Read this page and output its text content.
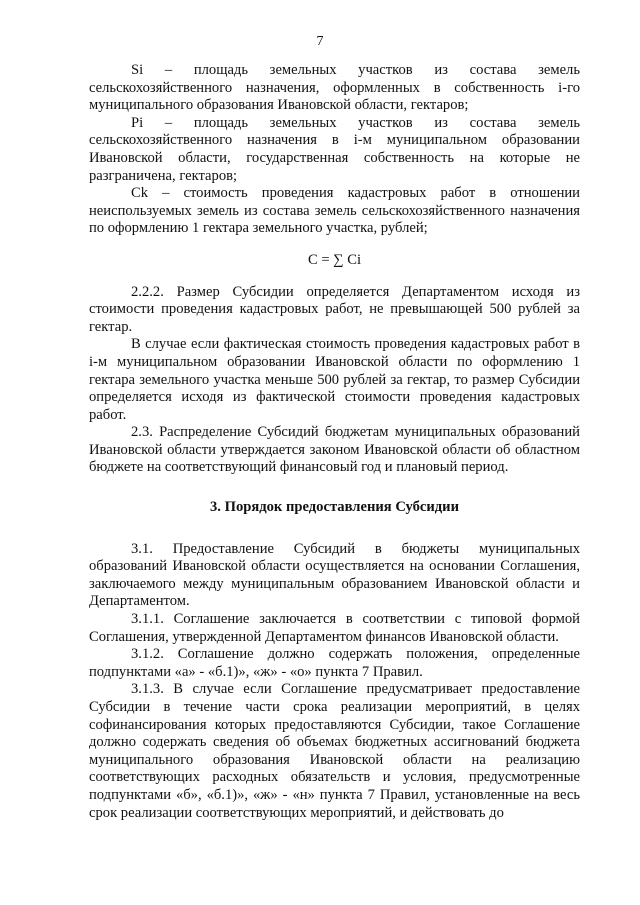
7

Si – площадь земельных участков из состава земель сельскохозяйственного назначения, оформленных в собственность i-го муниципального образования Ивановской области, гектаров;

Pi – площадь земельных участков из состава земель сельскохозяйственного назначения в i-м муниципальном образовании Ивановской области, государственная собственность на которые не разграничена, гектаров;

Ck – стоимость проведения кадастровых работ в отношении неиспользуемых земель из состава земель сельскохозяйственного назначения по оформлению 1 гектара земельного участка, рублей;

C = ∑ Ci

2.2.2. Размер Субсидии определяется Департаментом исходя из стоимости проведения кадастровых работ, не превышающей 500 рублей за гектар.

В случае если фактическая стоимость проведения кадастровых работ в i-м муниципальном образовании Ивановской области по оформлению 1 гектара земельного участка меньше 500 рублей за гектар, то размер Субсидии определяется исходя из фактической стоимости проведения кадастровых работ.

2.3. Распределение Субсидий бюджетам муниципальных образований Ивановской области утверждается законом Ивановской области об областном бюджете на соответствующий финансовый год и плановый период.

3. Порядок предоставления Субсидии

3.1. Предоставление Субсидий в бюджеты муниципальных образований Ивановской области осуществляется на основании Соглашения, заключаемого между муниципальным образованием Ивановской области и Департаментом.

3.1.1. Соглашение заключается в соответствии с типовой формой Соглашения, утвержденной Департаментом финансов Ивановской области.

3.1.2. Соглашение должно содержать положения, определенные подпунктами «а» - «б.1)», «ж» - «о» пункта 7 Правил.

3.1.3. В случае если Соглашение предусматривает предоставление Субсидии в течение части срока реализации мероприятий, в целях софинансирования которых предоставляются Субсидии, такое Соглашение должно содержать сведения об объемах бюджетных ассигнований бюджета муниципального образования Ивановской области на реализацию соответствующих расходных обязательств и условия, предусмотренные подпунктами «б», «б.1)», «ж» - «н» пункта 7 Правил, установленные на весь срок реализации соответствующих мероприятий, и действовать до
